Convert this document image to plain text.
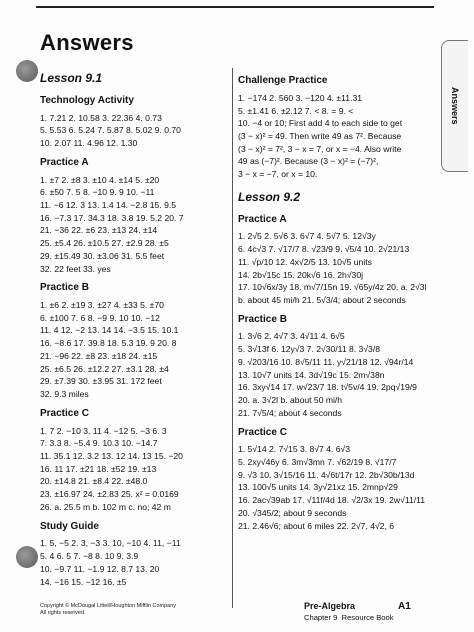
Answers
Answers
Lesson 9.1
Technology Activity
1. 7.21 2. 10.58 3. 22.36 4. 0.73
5. 5.53 6. 5.24 7. 5.87 8. 5.02 9. 0.70
10. 2.07 11. 4.96 12. 1.30
Practice A
1. ±7 2. ±8 3. ±10 4. ±14 5. ±20
6. ±50 7. 5 8. −10 9. 9 10. −11
11. −6 12. 3 13. 1.4 14. −2.8 15. 9.5
16. −7.3 17. 34.3 18. 3.8 19. 5.2 20. 7
21. −36 22. ±6 23. ±13 24. ±14
25. ±5.4 26. ±10.5 27. ±2.9 28. ±5
29. ±15.49 30. ±3.06 31. 5.5 feet
32. 22 feet 33. yes
Practice B
1. ±6 2. ±19 3. ±27 4. ±33 5. ±70
6. ±100 7. 6 8. −9 9. 10 10. −12
11. 4 12. −2 13. 14 14. −3.5 15. 10.1
16. −8.6 17. 39.8 18. 5.3 19. 9 20. 8
21. −96 22. ±8 23. ±18 24. ±15
25. ±6.5 26. ±12.2 27. ±3.1 28. ±4
29. ±7.39 30. ±3.95 31. 172 feet
32. 9.3 miles
Practice C
1. 7 2. −10 3. 11 4. −12 5. −3 6. 3
7. 3.3 8. −5.4 9. 10.3 10. −14.7
11. 35.1 12. 3.2 13. 12 14. 13 15. −20
16. 11 17. ±21 18. ±52 19. ±13
20. ±14.8 21. ±8.4 22. ±48.0
23. ±16.97 24. ±2.83 25. x² = 0.0169
26. a. 25.5 m b. 102 m c. no; 42 m
Study Guide
1. 5, −5 2. 3, −3 3. 10, −10 4. 11, −11
5. 4 6. 5 7. −8 8. 10 9. 3.9
10. −9.7 11. −1.9 12. 8.7 13. 20
14. −16 15. −12 16. ±5
Challenge Practice
1. −174 2. 560 3. −120 4. ±11.31
5. ±1.41 6. ±2.12 7. < 8. = 9. <
10. −4 or 10; First add 4 to each side to get
(3 − x)² = 49. Then write 49 as 7². Because
(3 − x)² = 7², 3 − x = 7, or x = −4. Also write
49 as (−7)². Because (3 − x)² = (−7)²,
3 − x = −7, or x = 10.
Lesson 9.2
Practice A
1. 2√5 2. 5√6 3. 6√7 4. 5√7 5. 12√3y
6. 4c√3 7. √17/7 8. √23/9 9. √5/4 10. 2√21/13
11. √p/10 12. 4x√2/5 13. 10√5 units
14. 2b√15c 15. 20k√6 16. 2h√30j
17. 10√6x/3y 18. m√7/15n 19. √65y/4z 20. a. 2√3l
b. about 45 mi/h 21. 5√3/4; about 2 seconds
Practice B
1. 3√6 2. 4√7 3. 4√11 4. 6√5
5. 3√13f 6. 12y√3 7. 2√30/11 8. 3√3/8
9. √203/16 10. 8√5/11 11. y√21/18 12. √94r/14
13. 10√7 units 14. 3d√19c 15. 2m√38n
16. 3xy√14 17. w√23/7 18. t√5v/4 19. 2pq√19/9
20. a. 3√2l b. about 50 mi/h
21. 7√5/4; about 4 seconds
Practice C
1. 5√14 2. 7√15 3. 8√7 4. 6√3
5. 2xy√46y 6. 3m√3mn 7. √62/19 8. √17/7
9. √3 10. 3√15/16 11. 4√6t/17r 12. 2b√30b/13d
13. 100√5 units 14. 3y√21xz 15. 2mnp√29
16. 2ac√39ab 17. √11f/4d 18. √2/3x 19. 2w√11/11
20. √345/2; about 9 seconds
21. 2.46√6; about 6 miles 22. 2√7, 4√2, 6
Copyright © McDougal Littell/Houghton Mifflin Company
All rights reserved.
Pre-Algebra
Chapter 9 Resource Book
A1
